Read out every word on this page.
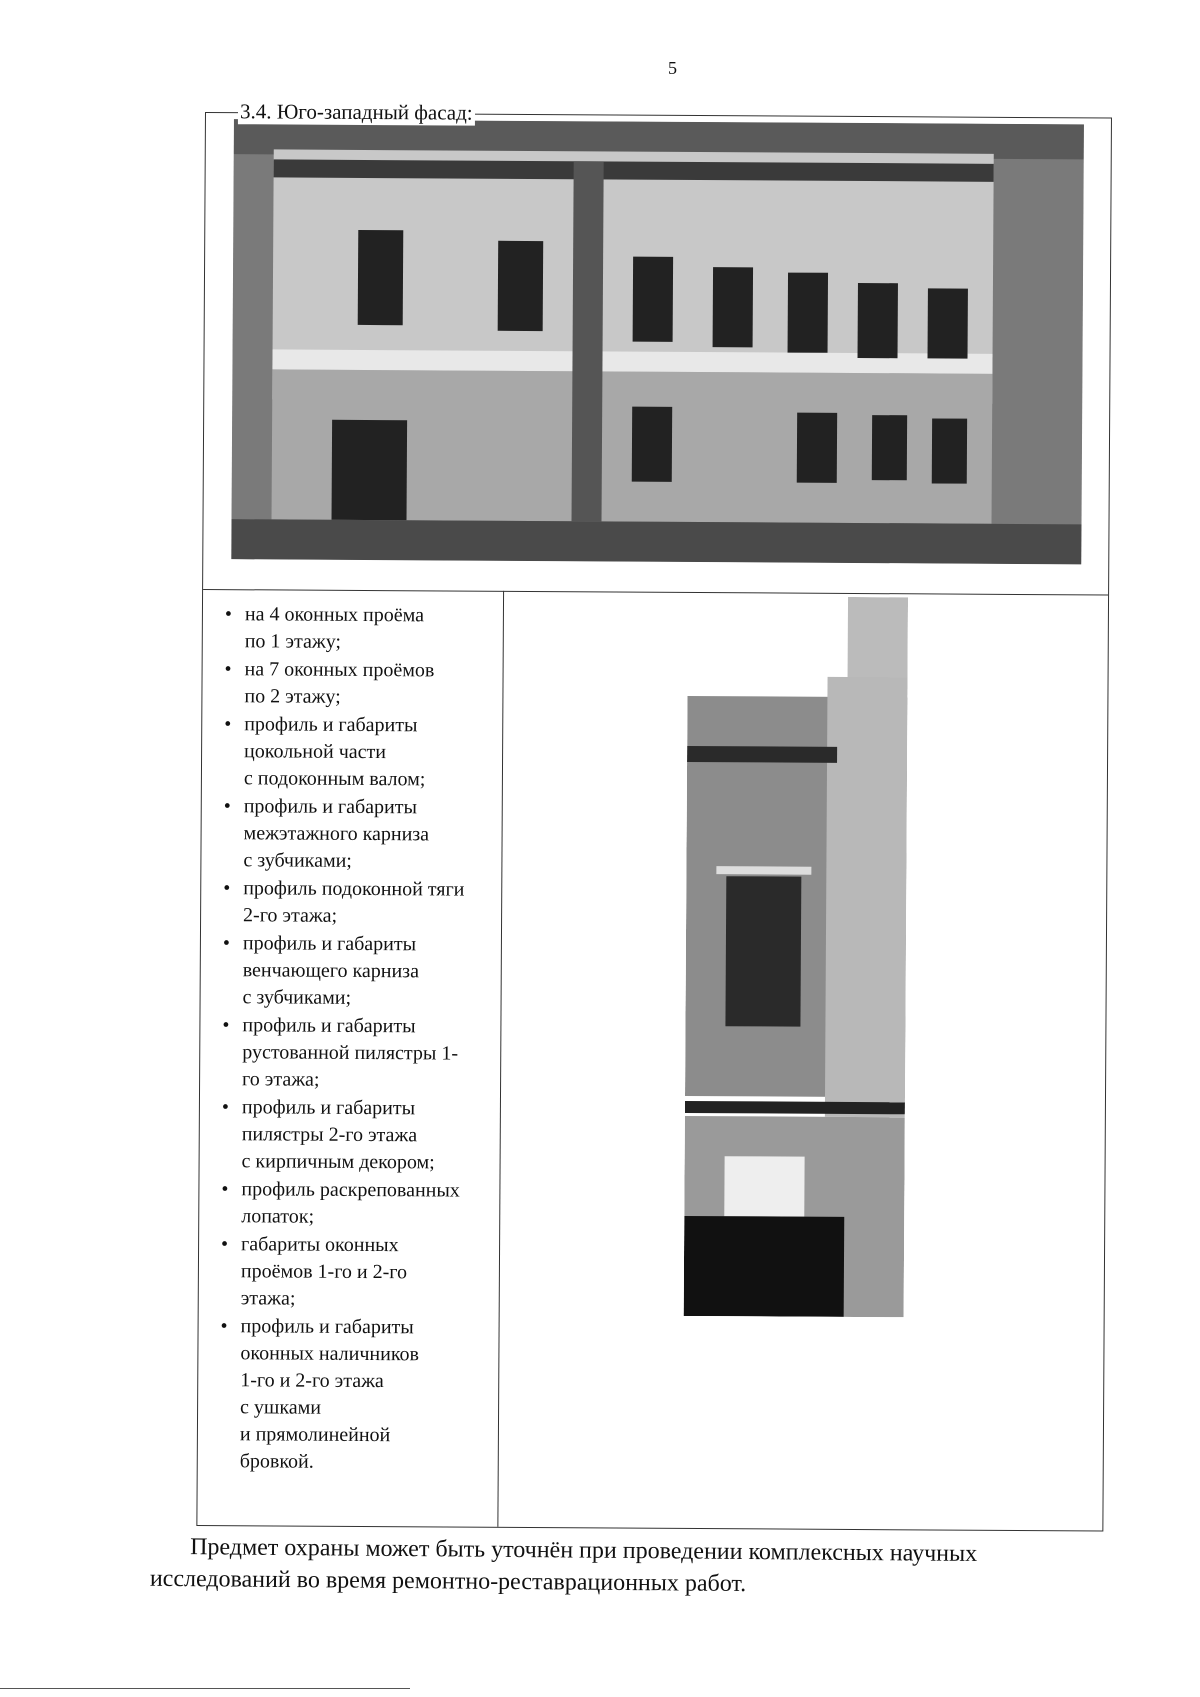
5
3.4. Юго-западный фасад:
• на 4 оконных проёма
по 1 этажу;
• на 7 оконных проёмов
по 2 этажу;
• профиль и габариты
цокольной части
с подоконным валом;
• профиль и габариты
межэтажного карниза
с зубчиками;
• профиль подоконной тяги
2-го этажа;
• профиль и габариты
венчающего карниза
с зубчиками;
• профиль и габариты
рустованной пилястры 1-
го этажа;
• профиль и габариты
пилястры 2-го этажа
с кирпичным декором;
• профиль раскрепованных
лопаток;
• габариты оконных
проёмов 1-го и 2-го
этажа;
• профиль и габариты
оконных наличников
1-го и 2-го этажа
с ушками
и прямолинейной
бровкой.
Предмет охраны может быть уточнён при проведении комплексных научных исследований во время ремонтно-реставрационных работ.
